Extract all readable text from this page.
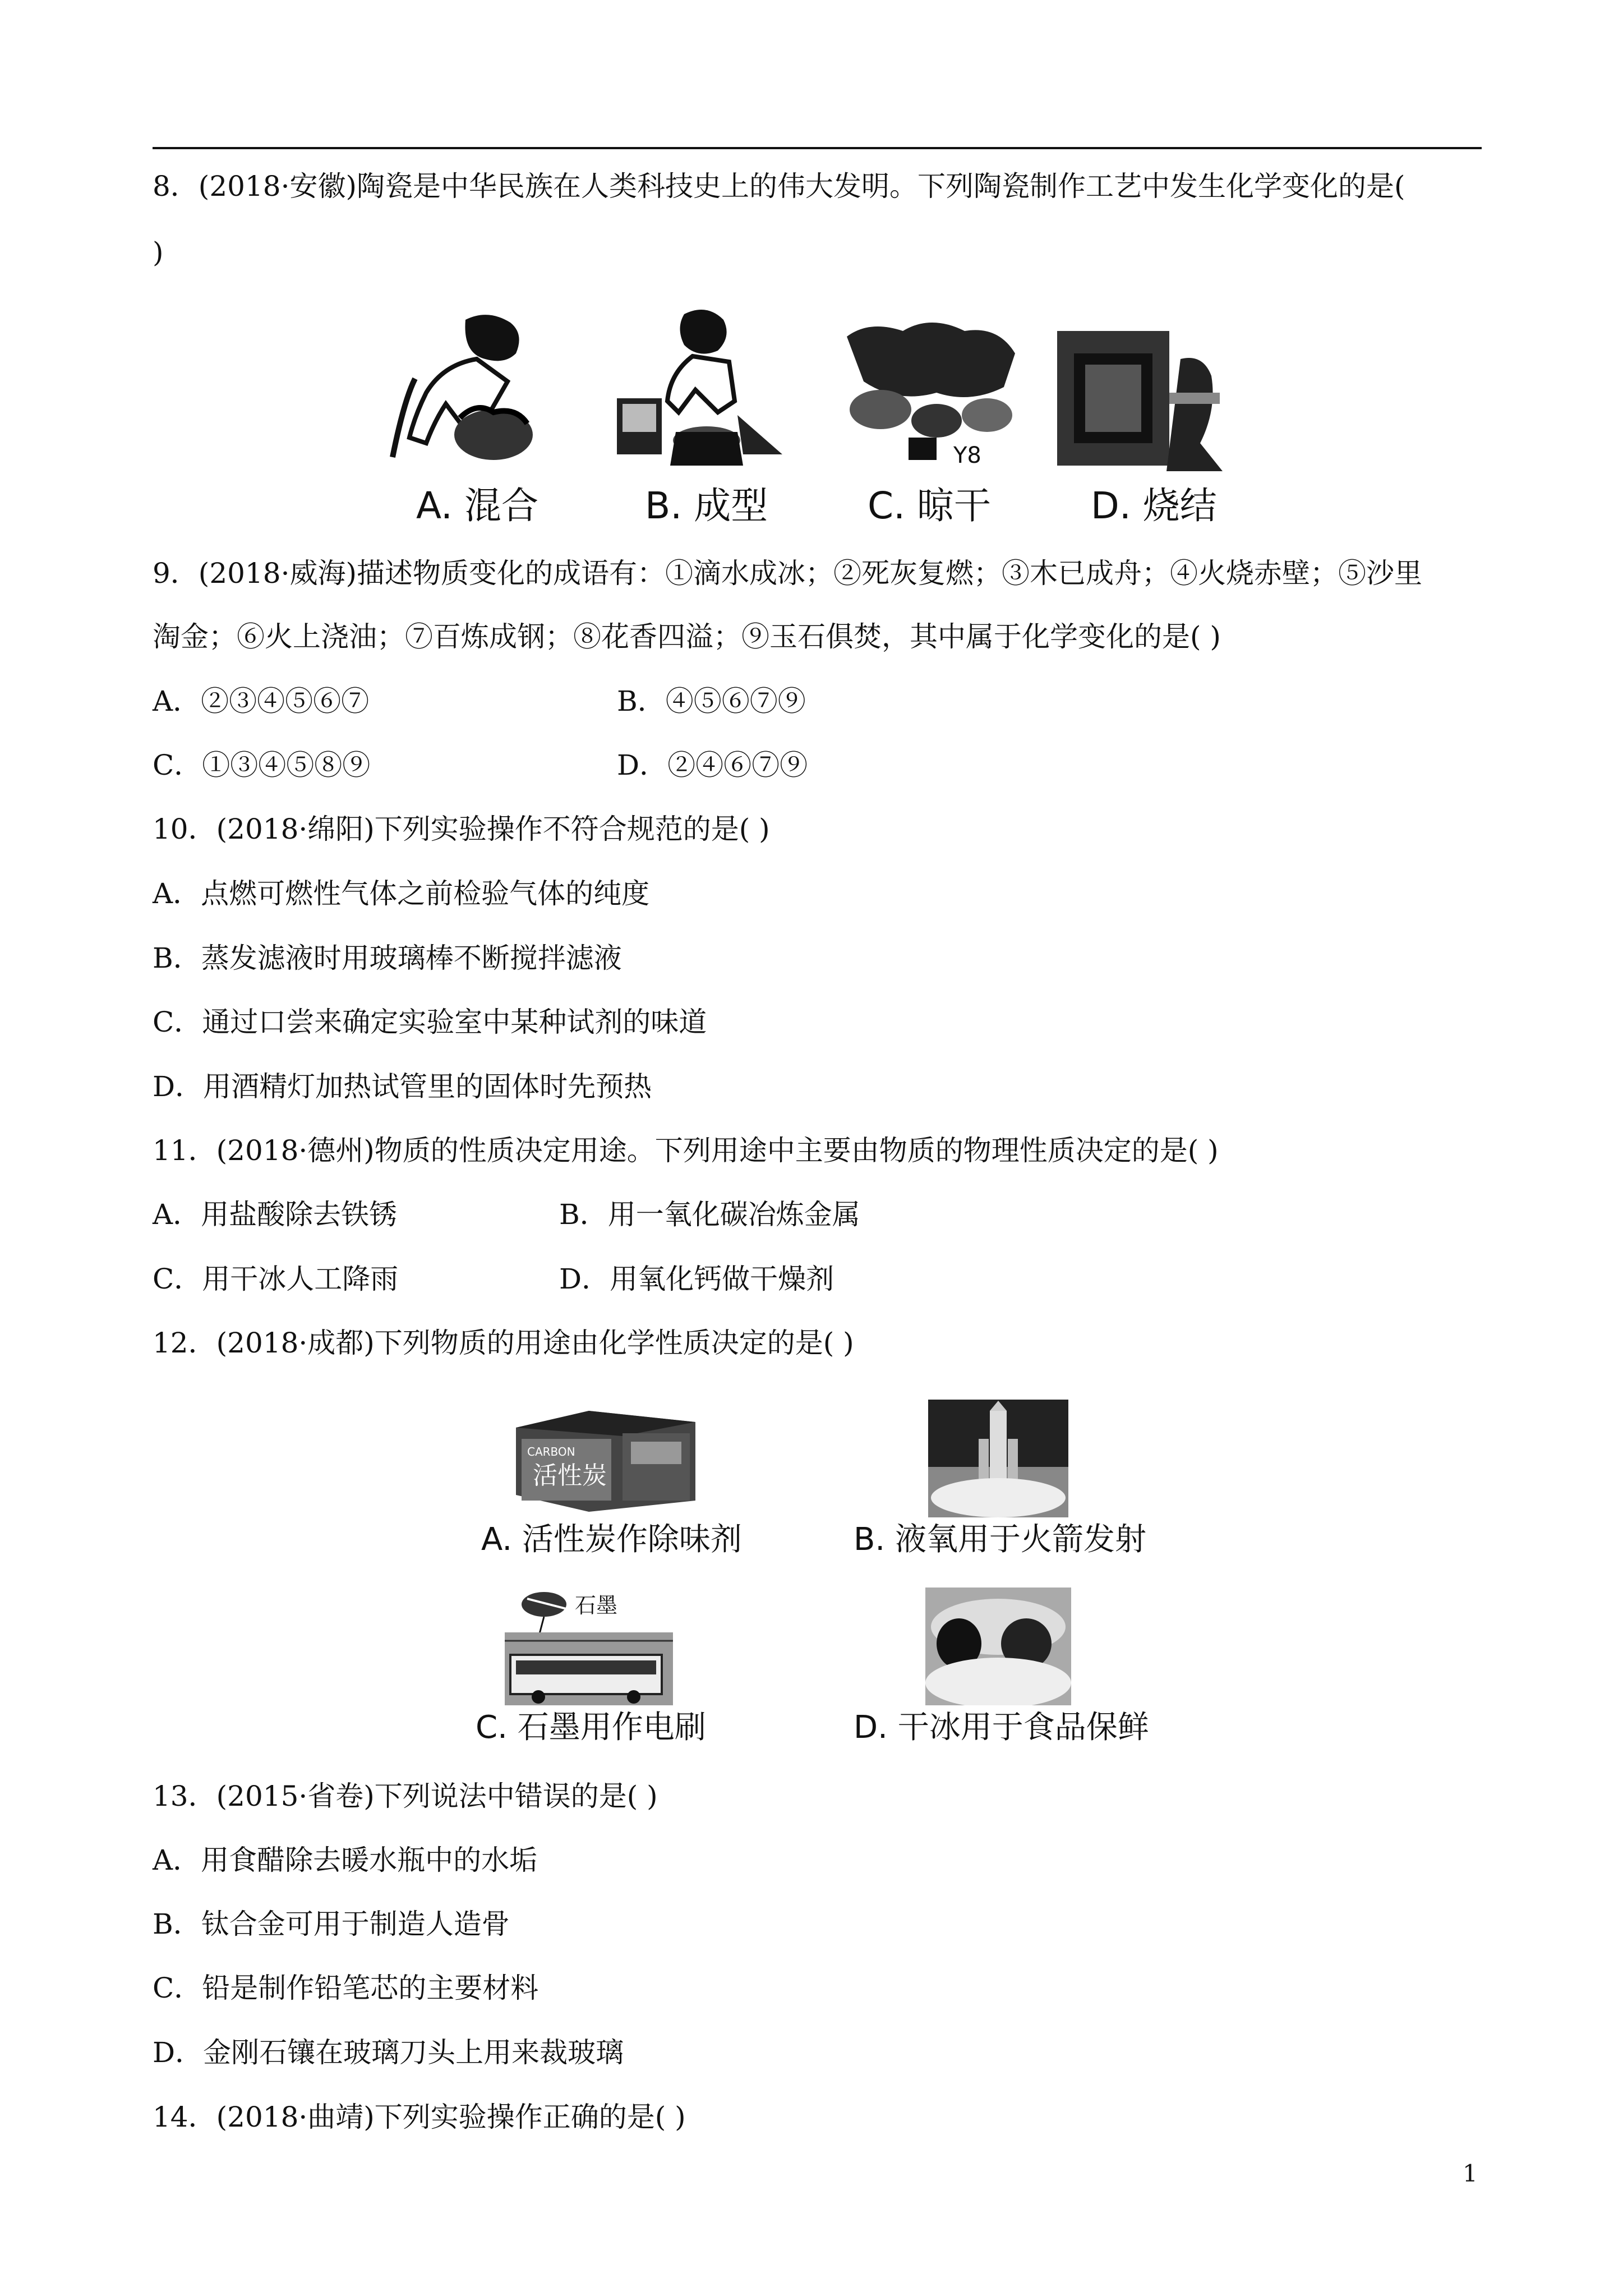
8．(2018·安徽)陶瓷是中华民族在人类科技史上的伟大发明。下列陶瓷制作工艺中发生化学变化的是(
)
Y8
A. 混合	B. 成型	C. 晾干	D. 烧结
9．(2018·威海)描述物质变化的成语有：①滴水成冰；②死灰复燃；③木已成舟；④火烧赤壁；⑤沙里
淘金；⑥火上浇油；⑦百炼成钢；⑧花香四溢；⑨玉石俱焚，其中属于化学变化的是( )
A．②③④⑤⑥⑦	B．④⑤⑥⑦⑨
C．①③④⑤⑧⑨	D．②④⑥⑦⑨
10．(2018·绵阳)下列实验操作不符合规范的是( )
A．点燃可燃性气体之前检验气体的纯度
B．蒸发滤液时用玻璃棒不断搅拌滤液
C．通过口尝来确定实验室中某种试剂的味道
D．用酒精灯加热试管里的固体时先预热
11．(2018·德州)物质的性质决定用途。下列用途中主要由物质的物理性质决定的是( )
A．用盐酸除去铁锈	B．用一氧化碳冶炼金属
C．用干冰人工降雨	D．用氧化钙做干燥剂
12．(2018·成都)下列物质的用途由化学性质决定的是( )
CARBON
活性炭
A. 活性炭作除味剂	B. 液氧用于火箭发射
石墨
C. 石墨用作电刷	D. 干冰用于食品保鲜
13．(2015·省卷)下列说法中错误的是( )
A．用食醋除去暖水瓶中的水垢
B．钛合金可用于制造人造骨
C．铅是制作铅笔芯的主要材料
D．金刚石镶在玻璃刀头上用来裁玻璃
14．(2018·曲靖)下列实验操作正确的是( )
1
